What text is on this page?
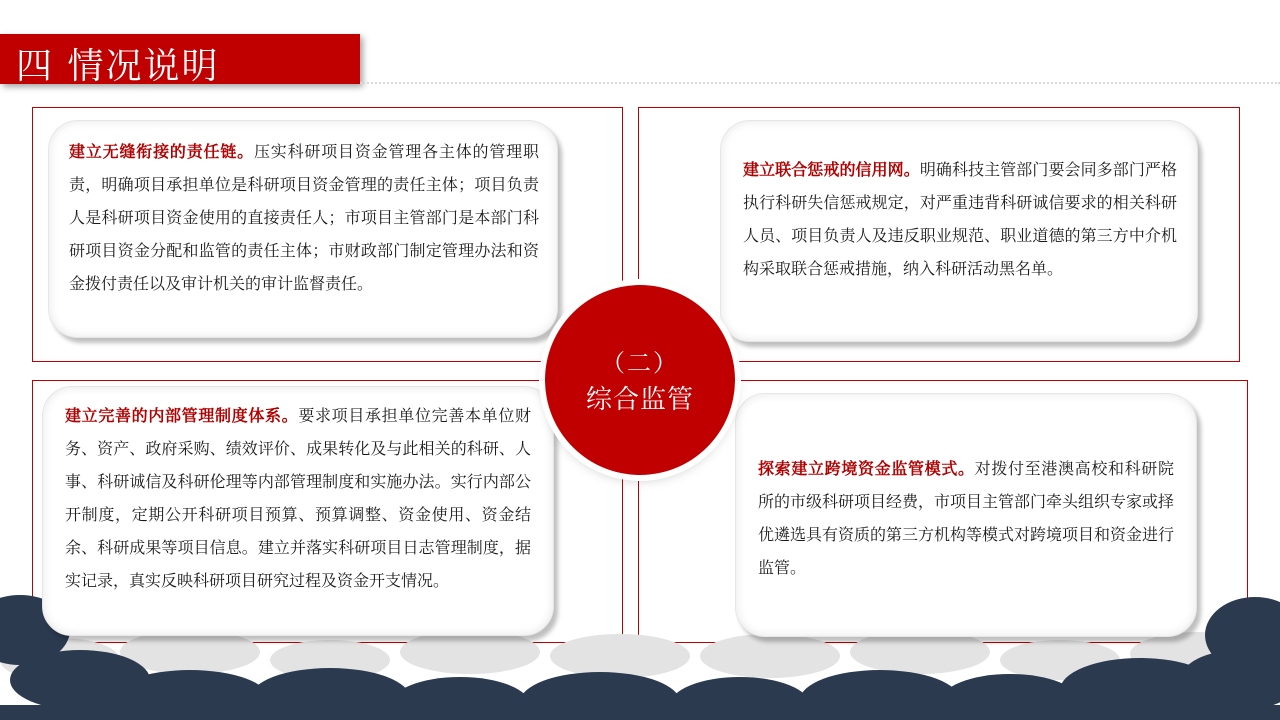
四 情况说明
建立无缝衔接的责任链。压实科研项目资金管理各主体的管理职责，明确项目承担单位是科研项目资金管理的责任主体；项目负责人是科研项目资金使用的直接责任人；市项目主管部门是本部门科研项目资金分配和监管的责任主体；市财政部门制定管理办法和资金拨付责任以及审计机关的审计监督责任。
建立联合惩戒的信用网。明确科技主管部门要会同多部门严格执行科研失信惩戒规定，对严重违背科研诚信要求的相关科研人员、项目负责人及违反职业规范、职业道德的第三方中介机构采取联合惩戒措施，纳入科研活动黑名单。
建立完善的内部管理制度体系。要求项目承担单位完善本单位财务、资产、政府采购、绩效评价、成果转化及与此相关的科研、人事、科研诚信及科研伦理等内部管理制度和实施办法。实行内部公开制度，定期公开科研项目预算、预算调整、资金使用、资金结余、科研成果等项目信息。建立并落实科研项目日志管理制度，据实记录，真实反映科研项目研究过程及资金开支情况。
探索建立跨境资金监管模式。对拨付至港澳高校和科研院所的市级科研项目经费，市项目主管部门牵头组织专家或择优遴选具有资质的第三方机构等模式对跨境项目和资金进行监管。
（二）
综合监管
